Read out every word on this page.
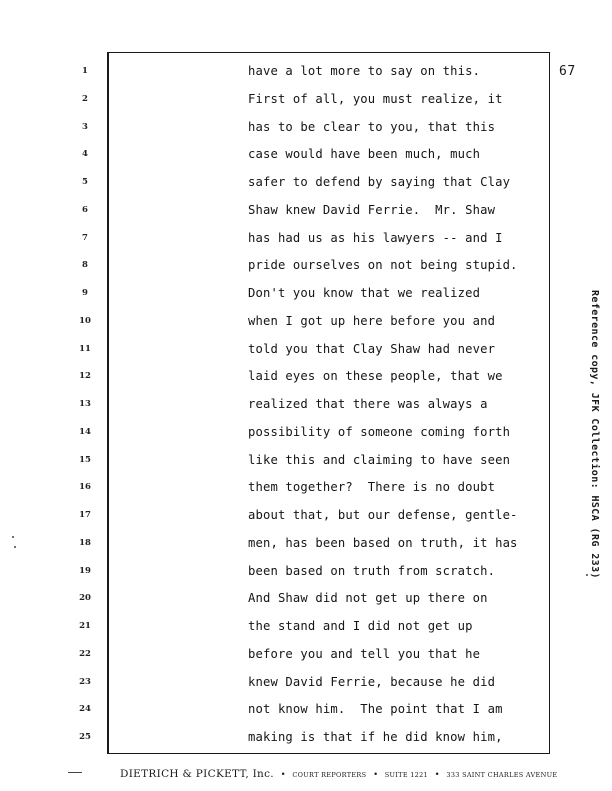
67
1
2
3
4
5
6
7
8
9
10
11
12
13
14
15
16
17
18
19
20
21
22
23
24
25
have a lot more to say on this.
First of all, you must realize, it
has to be clear to you, that this
case would have been much, much
safer to defend by saying that Clay
Shaw knew David Ferrie.  Mr. Shaw
has had us as his lawyers -- and I
pride ourselves on not being stupid.
Don't you know that we realized
when I got up here before you and
told you that Clay Shaw had never
laid eyes on these people, that we
realized that there was always a
possibility of someone coming forth
like this and claiming to have seen
them together?  There is no doubt
about that, but our defense, gentle-
men, has been based on truth, it has
been based on truth from scratch.
And Shaw did not get up there on
the stand and I did not get up
before you and tell you that he
knew David Ferrie, because he did
not know him.  The point that I am
making is that if he did know him,
Reference copy, JFK Collection: HSCA (RG 233)
DIETRICH & PICKETT, Inc. • COURT REPORTERS • SUITE 1221 • 333 SAINT CHARLES AVENUE
